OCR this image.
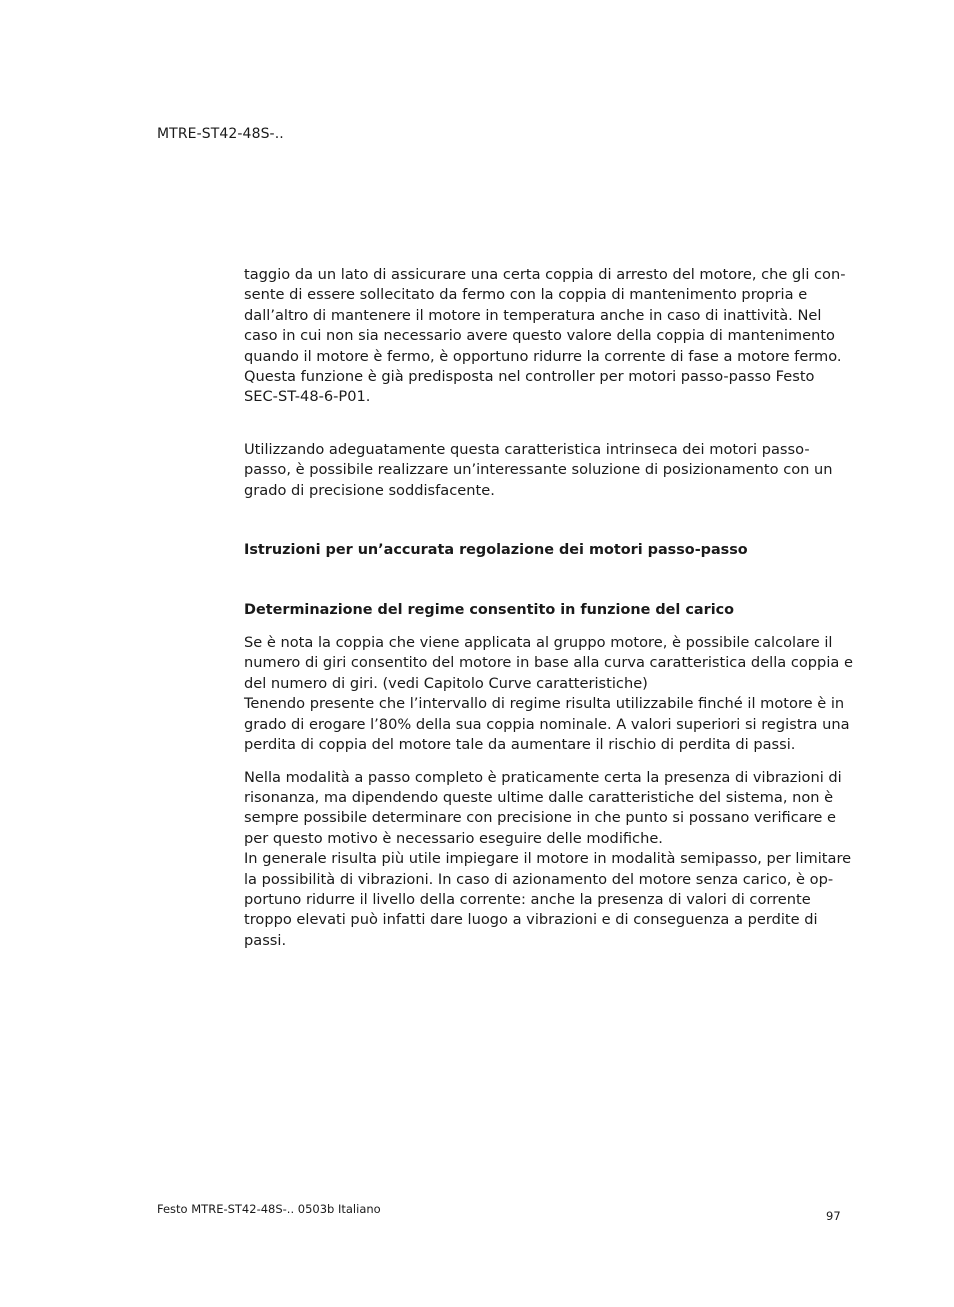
MTRE-ST42-48S-..
taggio da un lato di assicurare una certa coppia di arresto del motore, che gli con-
sente di essere sollecitato da fermo con la coppia di mantenimento propria e
dall’altro di mantenere il motore in temperatura anche in caso di inattività. Nel
caso in cui non sia necessario avere questo valore della coppia di mantenimento
quando il motore è fermo, è opportuno ridurre la corrente di fase a motore fermo.
Questa funzione è già predisposta nel controller per motori passo-passo Festo
SEC-ST-48-6-P01.
Utilizzando adeguatamente questa caratteristica intrinseca dei motori passo-
passo, è possibile realizzare un’interessante soluzione di posizionamento con un
grado di precisione soddisfacente.
Istruzioni per un’accurata regolazione dei motori passo-passo
Determinazione del regime consentito in funzione del carico
Se è nota la coppia che viene applicata al gruppo motore, è possibile calcolare il
numero di giri consentito del motore in base alla curva caratteristica della coppia e
del numero di giri. (vedi Capitolo Curve caratteristiche)
Tenendo presente che l’intervallo di regime risulta utilizzabile finché il motore è in
grado di erogare l’80% della sua coppia nominale. A valori superiori si registra una
perdita di coppia del motore tale da aumentare il rischio di perdita di passi.
Nella modalità a passo completo è praticamente certa la presenza di vibrazioni di
risonanza, ma dipendendo queste ultime dalle caratteristiche del sistema, non è
sempre possibile determinare con precisione in che punto si possano verificare e
per questo motivo è necessario eseguire delle modifiche.
In generale risulta più utile impiegare il motore in modalità semipasso, per limitare
la possibilità di vibrazioni. In caso di azionamento del motore senza carico, è op-
portuno ridurre il livello della corrente: anche la presenza di valori di corrente
troppo elevati può infatti dare luogo a vibrazioni e di conseguenza a perdite di
passi.
Festo MTRE-ST42-48S-.. 0503b Italiano	97
